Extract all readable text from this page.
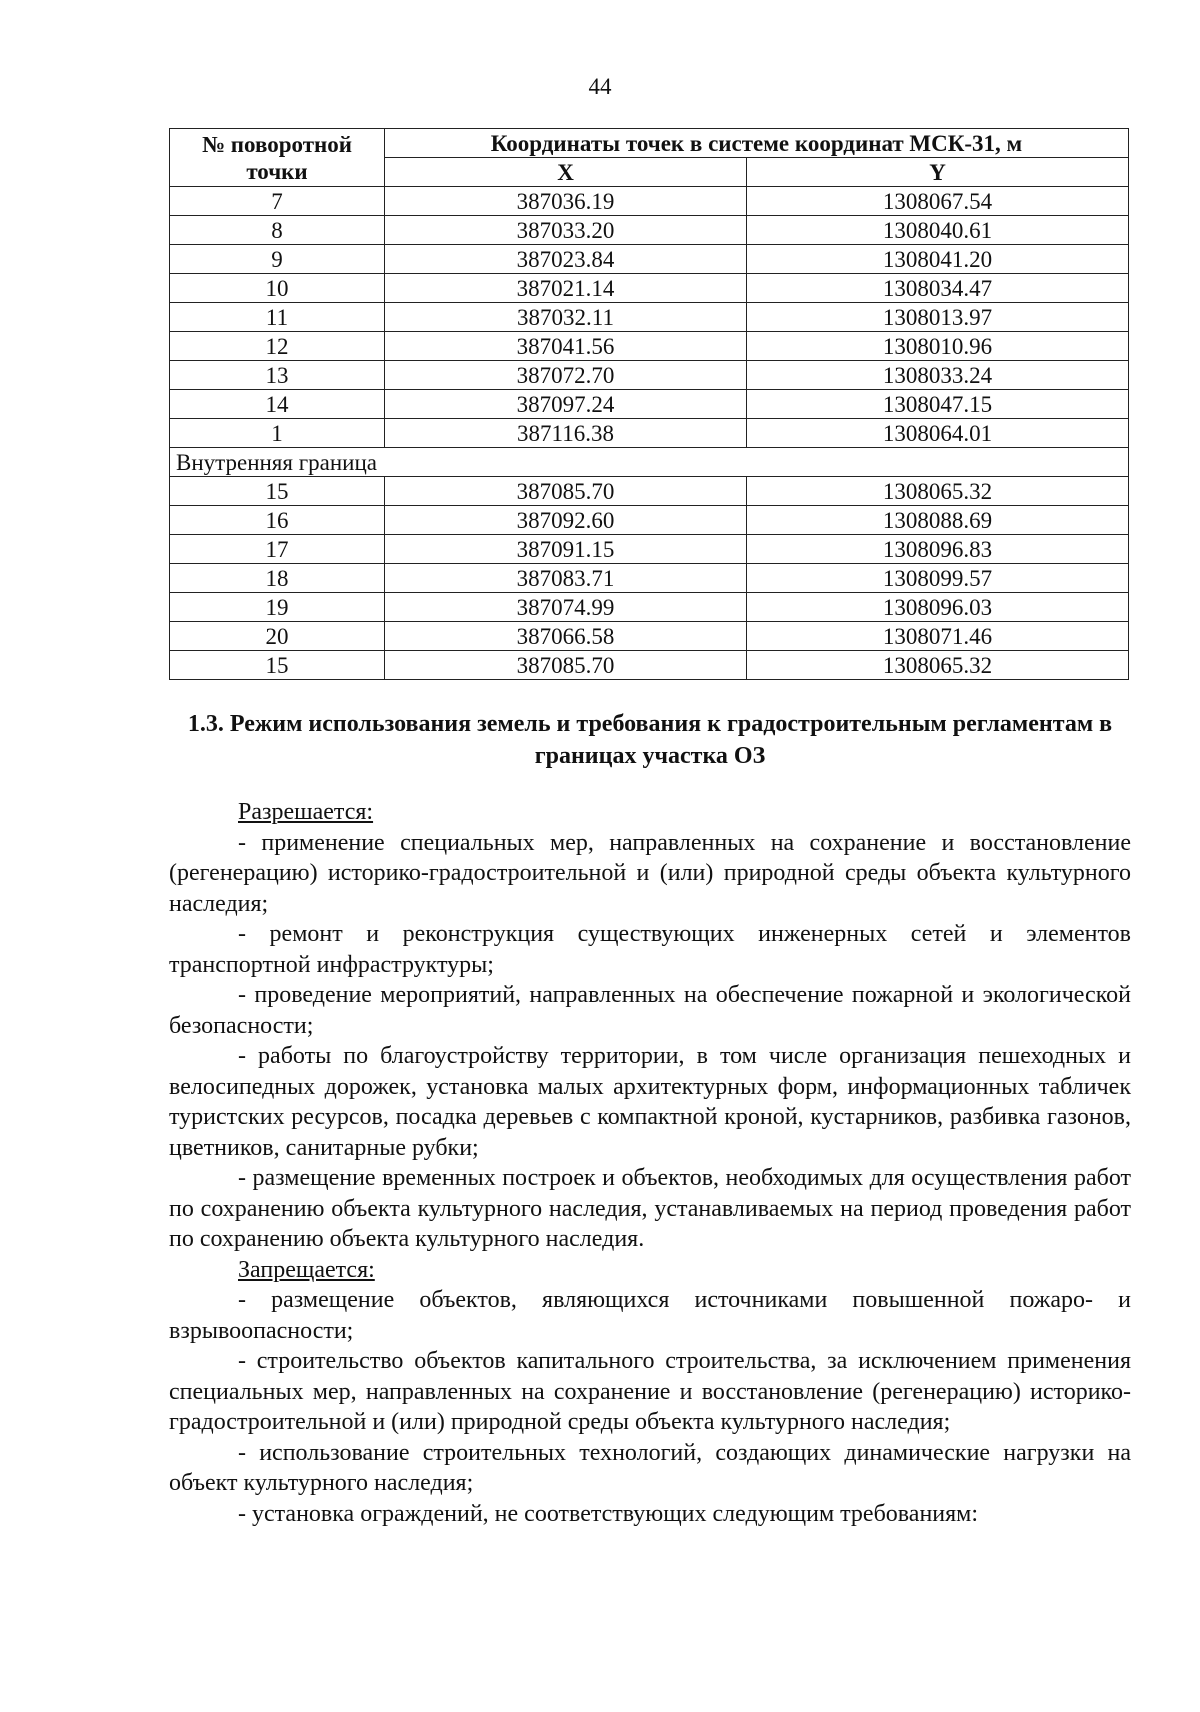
44
№ поворотной точки	Координаты точек в системе координат МСК-31, м	
	X	Y
7	387036.19	1308067.54
8	387033.20	1308040.61
9	387023.84	1308041.20
10	387021.14	1308034.47
11	387032.11	1308013.97
12	387041.56	1308010.96
13	387072.70	1308033.24
14	387097.24	1308047.15
1	387116.38	1308064.01
Внутренняя граница		
15	387085.70	1308065.32
16	387092.60	1308088.69
17	387091.15	1308096.83
18	387083.71	1308099.57
19	387074.99	1308096.03
20	387066.58	1308071.46
15	387085.70	1308065.32
1.3. Режим использования земель и требования к градостроительным регламентам в границах участка ОЗ

Разрешается:

- применение специальных мер, направленных на сохранение и восстановление (регенерацию) историко-градостроительной и (или) природной среды объекта культурного наследия;

- ремонт и реконструкция существующих инженерных сетей и элементов транспортной инфраструктуры;

- проведение мероприятий, направленных на обеспечение пожарной и экологической безопасности;

- работы по благоустройству территории, в том числе организация пешеходных и велосипедных дорожек, установка малых архитектурных форм, информационных табличек туристских ресурсов, посадка деревьев с компактной кроной, кустарников, разбивка газонов, цветников, санитарные рубки;

- размещение временных построек и объектов, необходимых для осуществления работ по сохранению объекта культурного наследия, устанавливаемых на период проведения работ по сохранению объекта культурного наследия.

Запрещается:

- размещение объектов, являющихся источниками повышенной пожаро- и взрывоопасности;

- строительство объектов капитального строительства, за исключением применения специальных мер, направленных на сохранение и восстановление (регенерацию) историко-градостроительной и (или) природной среды объекта культурного наследия;

- использование строительных технологий, создающих динамические нагрузки на объект культурного наследия;

- установка ограждений, не соответствующих следующим требованиям:
